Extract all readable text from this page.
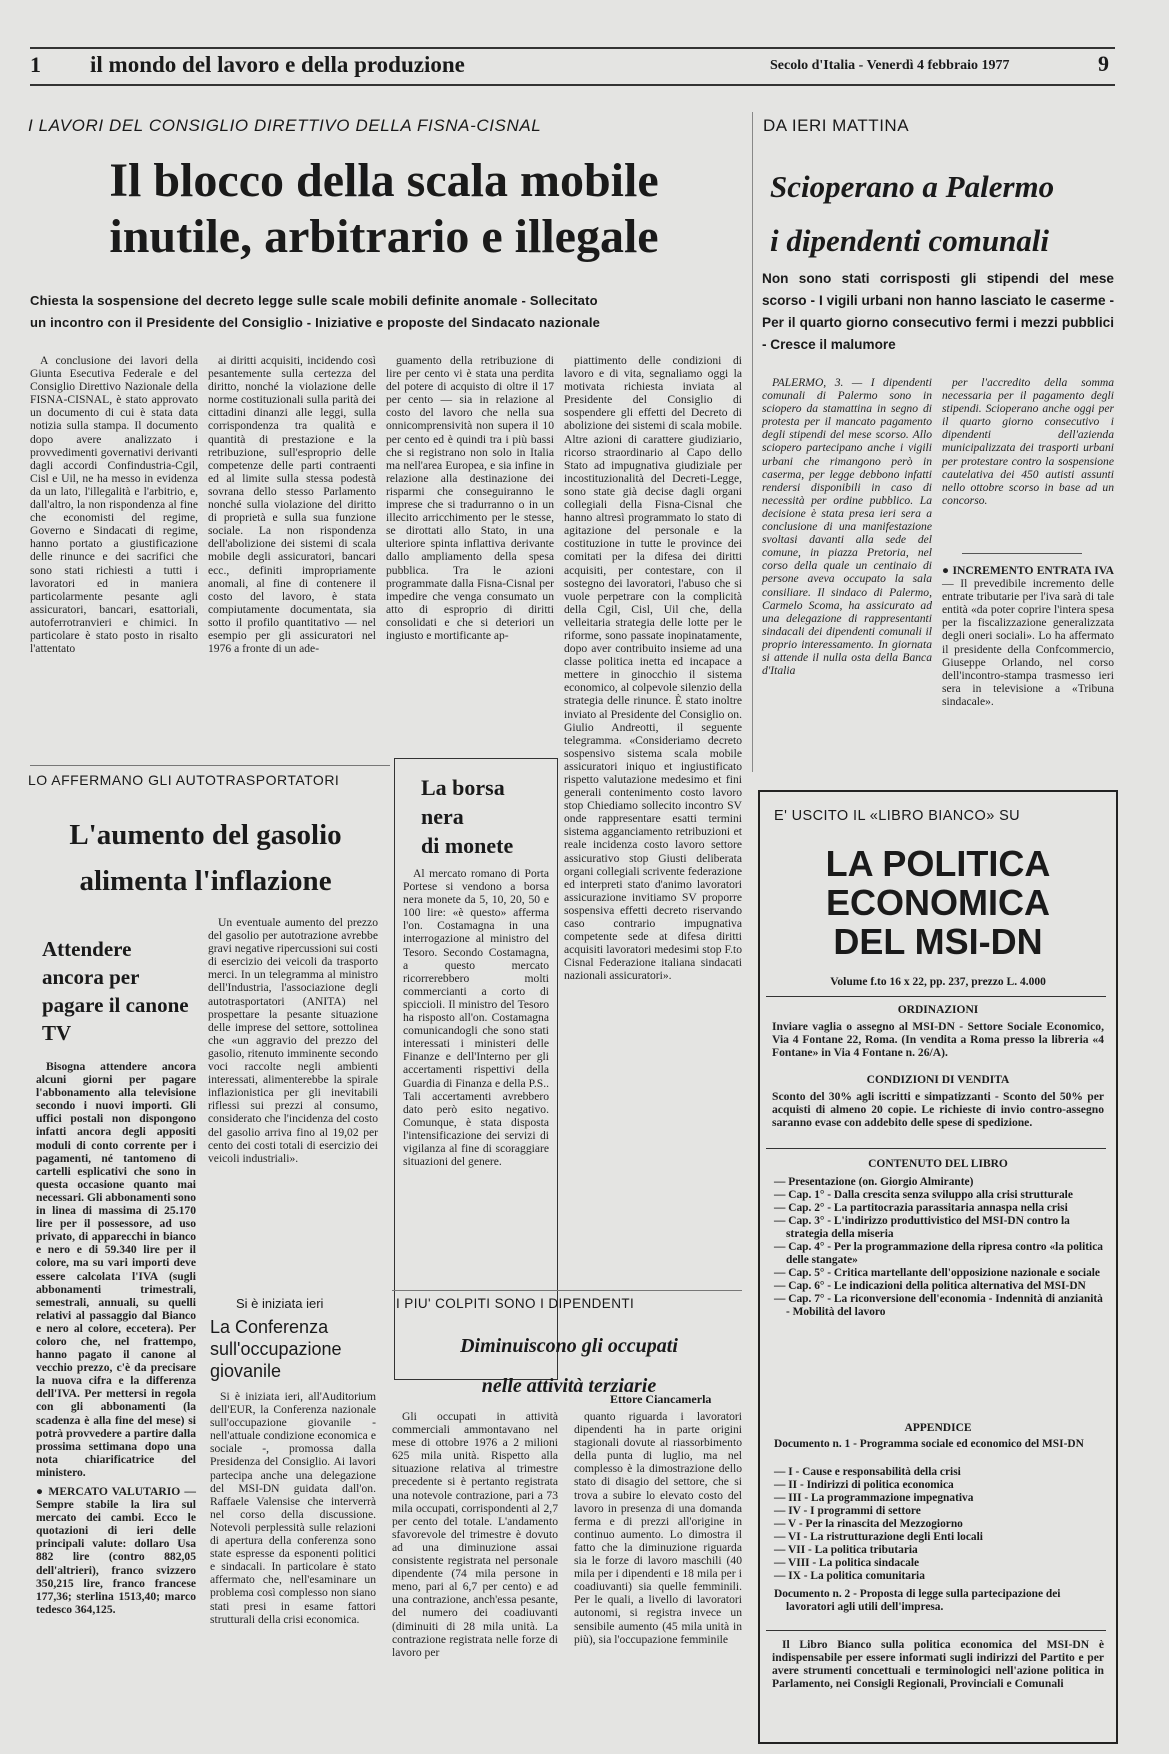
1 il mondo del lavoro e della produzione	Secolo d'Italia - Venerdì 4 febbraio 1977	9
I LAVORI DEL CONSIGLIO DIRETTIVO DELLA FISNA-CISNAL
Il blocco della scala mobile
inutile, arbitrario e illegale
Chiesta la sospensione del decreto legge sulle scale mobili definite anomale - Sollecitato
un incontro con il Presidente del Consiglio - Iniziative e proposte del Sindacato nazionale

A conclusione dei lavori della Giunta Esecutiva Federale e del Consiglio Direttivo Nazionale della FISNA-CISNAL, è stato approvato un documento di cui è stata data notizia sulla stampa. Il documento dopo avere analizzato i provvedimenti governativi derivanti dagli accordi Confindustria-Cgil, Cisl e Uil, ne ha messo in evidenza da un lato, l'illegalità e l'arbitrio, e, dall'altro, la non rispondenza al fine che economisti del regime, Governo e Sindacati di regime, hanno portato a giustificazione delle rinunce e dei sacrifici che sono stati richiesti a tutti i lavoratori ed in maniera particolarmente pesante agli assicuratori, bancari, esattoriali, autoferrotranvieri e chimici. In particolare è stato posto in risalto l'attentato

ai diritti acquisiti, incidendo così pesantemente sulla certezza del diritto, nonché la violazione delle norme costituzionali sulla parità dei cittadini dinanzi alle leggi, sulla corrispondenza tra qualità e quantità di prestazione e la retribuzione, sull'esproprio delle competenze delle parti contraenti ed al limite sulla stessa podestà sovrana dello stesso Parlamento nonché sulla violazione del diritto di proprietà e sulla sua funzione sociale. La non rispondenza dell'abolizione dei sistemi di scala mobile degli assicuratori, bancari ecc., definiti impropriamente anomali, al fine di contenere il costo del lavoro, è stata compiutamente documentata, sia sotto il profilo quantitativo — nel esempio per gli assicuratori nel 1976 a fronte di un ade-

guamento della retribuzione di lire per cento vi è stata una perdita del potere di acquisto di oltre il 17 per cento — sia in relazione al costo del lavoro che nella sua onnicomprensività non supera il 10 per cento ed è quindi tra i più bassi che si registrano non solo in Italia ma nell'area Europea, e sia infine in relazione alla destinazione dei risparmi che conseguiranno le imprese che si tradurranno o in un illecito arricchimento per le stesse, se dirottati allo Stato, in una ulteriore spinta inflattiva derivante dallo ampliamento della spesa pubblica. Tra le azioni programmate dalla Fisna-Cisnal per impedire che venga consumato un atto di esproprio di diritti consolidati e che si deteriori un ingiusto e mortificante ap-

piattimento delle condizioni di lavoro e di vita, segnaliamo oggi la motivata richiesta inviata al Presidente del Consiglio di sospendere gli effetti del Decreto di abolizione dei sistemi di scala mobile. Altre azioni di carattere giudiziario, ricorso straordinario al Capo dello Stato ad impugnativa giudiziale per incostituzionalità del Decreti-Legge, sono state già decise dagli organi collegiali della Fisna-Cisnal che hanno altresì programmato lo stato di agitazione del personale e la costituzione in tutte le province dei comitati per la difesa dei diritti acquisiti, per contestare, con il sostegno dei lavoratori, l'abuso che si vuole perpetrare con la complicità della Cgil, Cisl, Uil che, della velleitaria strategia delle lotte per le riforme, sono passate inopinatamente, dopo aver contribuito insieme ad una classe politica inetta ed incapace a mettere in ginocchio il sistema economico, al colpevole silenzio della strategia delle rinunce. È stato inoltre inviato al Presidente del Consiglio on. Giulio Andreotti, il seguente telegramma. «Consideriamo decreto sospensivo sistema scala mobile assicuratori iniquo et ingiustificato rispetto valutazione medesimo et fini generali contenimento costo lavoro stop Chiediamo sollecito incontro SV onde rappresentare esatti termini sistema agganciamento retribuzioni et reale incidenza costo lavoro settore assicurativo stop Giusti deliberata organi collegiali scrivente federazione ed interpreti stato d'animo lavoratori assicurazione invitiamo SV proporre sospensiva effetti decreto riservando caso contrario impugnativa competente sede at difesa diritti acquisiti lavoratori medesimi stop F.to Cisnal Federazione italiana sindacati nazionali assicuratori».

Ettore Ciancamerla
DA IERI MATTINA
Scioperano a Palermo
i dipendenti comunali
Non sono stati corrisposti gli stipendi del mese scorso - I vigili urbani non hanno lasciato le caserme - Per il quarto giorno consecutivo fermi i mezzi pubblici - Cresce il malumore

PALERMO, 3. — I dipendenti comunali di Palermo sono in sciopero da stamattina in segno di protesta per il mancato pagamento degli stipendi del mese scorso. Allo sciopero partecipano anche i vigili urbani che rimangono però in caserma, per legge debbono infatti rendersi disponibili in caso di necessità per ordine pubblico. La decisione è stata presa ieri sera a conclusione di una manifestazione svoltasi davanti alla sede del comune, in piazza Pretoria, nel corso della quale un centinaio di persone aveva occupato la sala consiliare. Il sindaco di Palermo, Carmelo Scoma, ha assicurato ad una delegazione di rappresentanti sindacali dei dipendenti comunali il proprio interessamento. In giornata si attende il nulla osta della Banca d'Italia

per l'accredito della somma necessaria per il pagamento degli stipendi. Scioperano anche oggi per il quarto giorno consecutivo i dipendenti dell'azienda municipalizzata dei trasporti urbani per protestare contro la sospensione cautelativa dei 450 autisti assunti nello ottobre scorso in base ad un concorso.

● INCREMENTO ENTRATA IVA — Il prevedibile incremento delle entrate tributarie per l'iva sarà di tale entità «da poter coprire l'intera spesa per la fiscalizzazione generalizzata degli oneri sociali». Lo ha affermato il presidente della Confcommercio, Giuseppe Orlando, nel corso dell'incontro-stampa trasmesso ieri sera in televisione a «Tribuna sindacale».

LO AFFERMANO GLI AUTOTRASPORTATORI
L'aumento del gasolio
alimenta l'inflazione

Un eventuale aumento del prezzo del gasolio per autotrazione avrebbe gravi negative ripercussioni sui costi di esercizio dei veicoli da trasporto merci. In un telegramma al ministro dell'Industria, l'associazione degli autotrasportatori (ANITA) nel prospettare la pesante situazione delle imprese del settore, sottolinea che «un aggravio del prezzo del gasolio, ritenuto imminente secondo voci raccolte negli ambienti interessati, alimenterebbe la spirale inflazionistica per gli inevitabili riflessi sui prezzi al consumo, considerato che l'incidenza del costo del gasolio arriva fino al 19,02 per cento dei costi totali di esercizio dei veicoli industriali».

Attendere ancora per pagare il canone TV

Bisogna attendere ancora alcuni giorni per pagare l'abbonamento alla televisione secondo i nuovi importi. Gli uffici postali non dispongono infatti ancora degli appositi moduli di conto corrente per i pagamenti, né tantomeno di cartelli esplicativi che sono in questa occasione quanto mai necessari. Gli abbonamenti sono in linea di massima di 25.170 lire per il possessore, ad uso privato, di apparecchi in bianco e nero e di 59.340 lire per il colore, ma su vari importi deve essere calcolata l'IVA (sugli abbonamenti trimestrali, semestrali, annuali, su quelli relativi al passaggio dal Bianco e nero al colore, eccetera). Per coloro che, nel frattempo, hanno pagato il canone al vecchio prezzo, c'è da precisare la nuova cifra e la differenza dell'IVA. Per mettersi in regola con gli abbonamenti (la scadenza è alla fine del mese) si potrà provvedere a partire dalla prossima settimana dopo una nota chiarificatrice del ministero.

● MERCATO VALUTARIO — Sempre stabile la lira sul mercato dei cambi. Ecco le quotazioni di ieri delle principali valute: dollaro Usa 882 lire (contro 882,05 dell'altrieri), franco svizzero 350,215 lire, franco francese 177,36; sterlina 1513,40; marco tedesco 364,125.

La borsa
nera
di monete

Al mercato romano di Porta Portese si vendono a borsa nera monete da 5, 10, 20, 50 e 100 lire: «è questo» afferma l'on. Costamagna in una interrogazione al ministro del Tesoro. Secondo Costamagna, a questo mercato ricorrerebbero molti commercianti a corto di spiccioli. Il ministro del Tesoro ha risposto all'on. Costamagna comunicandogli che sono stati interessati i ministeri delle Finanze e dell'Interno per gli accertamenti rispettivi della Guardia di Finanza e della P.S.. Tali accertamenti avrebbero dato però esito negativo. Comunque, è stata disposta l'intensificazione dei servizi di vigilanza al fine di scoraggiare situazioni del genere.

Si è iniziata ieri
La Conferenza
sull'occupazione
giovanile

Si è iniziata ieri, all'Auditorium dell'EUR, la Conferenza nazionale sull'occupazione giovanile - nell'attuale condizione economica e sociale -, promossa dalla Presidenza del Consiglio. Ai lavori partecipa anche una delegazione del MSI-DN guidata dall'on. Raffaele Valensise che interverrà nel corso della discussione. Notevoli perplessità sulle relazioni di apertura della conferenza sono state espresse da esponenti politici e sindacali. In particolare è stato affermato che, nell'esaminare un problema così complesso non siano stati presi in esame fattori strutturali della crisi economica.

I PIU' COLPITI SONO I DIPENDENTI
Diminuiscono gli occupati
nelle attività terziarie

Gli occupati in attività commerciali ammontavano nel mese di ottobre 1976 a 2 milioni 625 mila unità. Rispetto alla situazione relativa al trimestre precedente si è pertanto registrata una notevole contrazione, pari a 73 mila occupati, corrispondenti al 2,7 per cento del totale. L'andamento sfavorevole del trimestre è dovuto ad una diminuzione assai consistente registrata nel personale dipendente (74 mila persone in meno, pari al 6,7 per cento) e ad una contrazione, anch'essa pesante, del numero dei coadiuvanti (diminuiti di 28 mila unità. La contrazione registrata nelle forze di lavoro per

quanto riguarda i lavoratori dipendenti ha in parte origini stagionali dovute al riassorbimento della punta di luglio, ma nel complesso è la dimostrazione dello stato di disagio del settore, che si trova a subire lo elevato costo del lavoro in presenza di una domanda ferma e di prezzi all'origine in continuo aumento. Lo dimostra il fatto che la diminuzione riguarda sia le forze di lavoro maschili (40 mila per i dipendenti e 18 mila per i coadiuvanti) sia quelle femminili. Per le quali, a livello di lavoratori autonomi, si registra invece un sensibile aumento (45 mila unità in più), sia l'occupazione femminile

E' USCITO IL «LIBRO BIANCO» SU
LA POLITICA
ECONOMICA
DEL MSI-DN
Volume f.to 16 x 22, pp. 237, prezzo L. 4.000
ORDINAZIONI
Inviare vaglia o assegno al MSI-DN - Settore Sociale Economico, Via 4 Fontane 22, Roma. (In vendita a Roma presso la libreria «4 Fontane» in Via 4 Fontane n. 26/A).
CONDIZIONI DI VENDITA
Sconto del 30% agli iscritti e simpatizzanti - Sconto del 50% per acquisti di almeno 20 copie. Le richieste di invio contro-assegno saranno evase con addebito delle spese di spedizione.
CONTENUTO DEL LIBRO
— Presentazione (on. Giorgio Almirante)
— Cap. 1° - Dalla crescita senza sviluppo alla crisi strutturale
— Cap. 2° - La partitocrazia parassitaria annaspa nella crisi
— Cap. 3° - L'indirizzo produttivistico del MSI-DN contro la strategia della miseria
— Cap. 4° - Per la programmazione della ripresa contro «la politica delle stangate»
— Cap. 5° - Critica martellante dell'opposizione nazionale e sociale
— Cap. 6° - Le indicazioni della politica alternativa del MSI-DN
— Cap. 7° - La riconversione dell'economia - Indennità di anzianità - Mobilità del lavoro
APPENDICE
Documento n. 1 - Programma sociale ed economico del MSI-DN
— I - Cause e responsabilità della crisi
— II - Indirizzi di politica economica
— III - La programmazione impegnativa
— IV - I programmi di settore
— V - Per la rinascita del Mezzogiorno
— VI - La ristrutturazione degli Enti locali
— VII - La politica tributaria
— VIII - La politica sindacale
— IX - La politica comunitaria
Documento n. 2 - Proposta di legge sulla partecipazione dei lavoratori agli utili dell'impresa.

Il Libro Bianco sulla politica economica del MSI-DN è indispensabile per essere informati sugli indirizzi del Partito e per avere strumenti concettuali e terminologici nell'azione politica in Parlamento, nei Consigli Regionali, Provinciali e Comunali
